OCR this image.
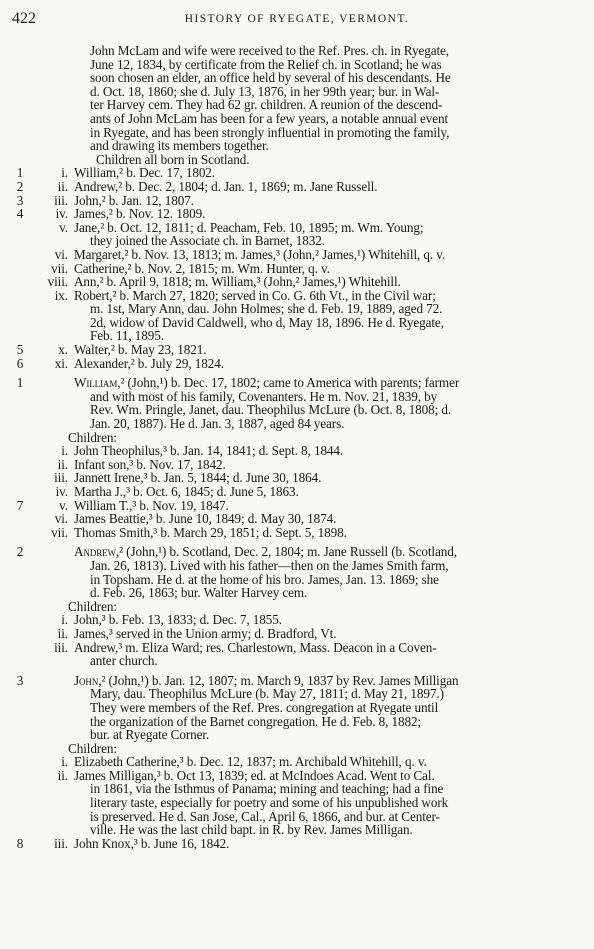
422	HISTORY OF RYEGATE, VERMONT.
John McLam and wife were received to the Ref. Pres. ch. in Ryegate,
June 12, 1834, by certificate from the Relief ch. in Scotland; he was
soon chosen an elder, an office held by several of his descendants. He
d. Oct. 18, 1860; she d. July 13, 1876, in her 99th year; bur. in Wal-
ter Harvey cem. They had 62 gr. children. A reunion of the descend-
ants of John McLam has been for a few years, a notable annual event
in Ryegate, and has been strongly influential in promoting the family,
and drawing its members together.
Children all born in Scotland.
1	i. William,² b. Dec. 17, 1802.
2	ii. Andrew,² b. Dec. 2, 1804; d. Jan. 1, 1869; m. Jane Russell.
3	iii. John,² b. Jan. 12, 1807.
4	iv. James,² b. Nov. 12. 1809.
v. Jane,² b. Oct. 12, 1811; d. Peacham, Feb. 10, 1895; m. Wm. Young;
they joined the Associate ch. in Barnet, 1832.
vi. Margaret,² b. Nov. 13, 1813; m. James,³ (John,² James,¹) Whitehill, q. v.
vii. Catherine,² b. Nov. 2, 1815; m. Wm. Hunter, q. v.
viii. Ann,² b. April 9, 1818; m. William,³ (John,² James,¹) Whitehill.
ix. Robert,² b. March 27, 1820; served in Co. G. 6th Vt., in the Civil war;
m. 1st, Mary Ann, dau. John Holmes; she d. Feb. 19, 1889, aged 72.
2d, widow of David Caldwell, who d, May 18, 1896. He d. Ryegate,
Feb. 11, 1895.
5	x. Walter,² b. May 23, 1821.
6	xi. Alexander,² b. July 29, 1824.
1	William,² (John,¹) b. Dec. 17, 1802; came to America with parents; farmer
and with most of his family, Covenanters. He m. Nov. 21, 1839, by
Rev. Wm. Pringle, Janet, dau. Theophilus McLure (b. Oct. 8, 1808; d.
Jan. 20, 1887). He d. Jan. 3, 1887, aged 84 years.
Children:
i. John Theophilus,³ b. Jan. 14, 1841; d. Sept. 8, 1844.
ii. Infant son,³ b. Nov. 17, 1842.
iii. Jannett Irene,³ b. Jan. 5, 1844; d. June 30, 1864.
iv. Martha J.,³ b. Oct. 6, 1845; d. June 5, 1863.
7	v. William T.,³ b. Nov. 19, 1847.
vi. James Beattie,³ b. June 10, 1849; d. May 30, 1874.
vii. Thomas Smith,³ b. March 29, 1851; d. Sept. 5, 1898.
2	Andrew,² (John,¹) b. Scotland, Dec. 2, 1804; m. Jane Russell (b. Scotland,
Jan. 26, 1813). Lived with his father—then on the James Smith farm,
in Topsham. He d. at the home of his bro. James, Jan. 13. 1869; she
d. Feb. 26, 1863; bur. Walter Harvey cem.
Children:
i. John,³ b. Feb. 13, 1833; d. Dec. 7, 1855.
ii. James,³ served in the Union army; d. Bradford, Vt.
iii. Andrew,³ m. Eliza Ward; res. Charlestown, Mass. Deacon in a Coven-
anter church.
3	John,² (John,¹) b. Jan. 12, 1807; m. March 9, 1837 by Rev. James Milligan
Mary, dau. Theophilus McLure (b. May 27, 1811; d. May 21, 1897.)
They were members of the Ref. Pres. congregation at Ryegate until
the organization of the Barnet congregation. He d. Feb. 8, 1882;
bur. at Ryegate Corner.
Children:
i. Elizabeth Catherine,³ b. Dec. 12, 1837; m. Archibald Whitehill, q. v.
ii. James Milligan,³ b. Oct 13, 1839; ed. at McIndoes Acad. Went to Cal.
in 1861, via the Isthmus of Panama; mining and teaching; had a fine
literary taste, especially for poetry and some of his unpublished work
is preserved. He d. San Jose, Cal., April 6, 1866, and bur. at Center-
ville. He was the last child bapt. in R. by Rev. James Milligan.
8	iii. John Knox,³ b. June 16, 1842.
